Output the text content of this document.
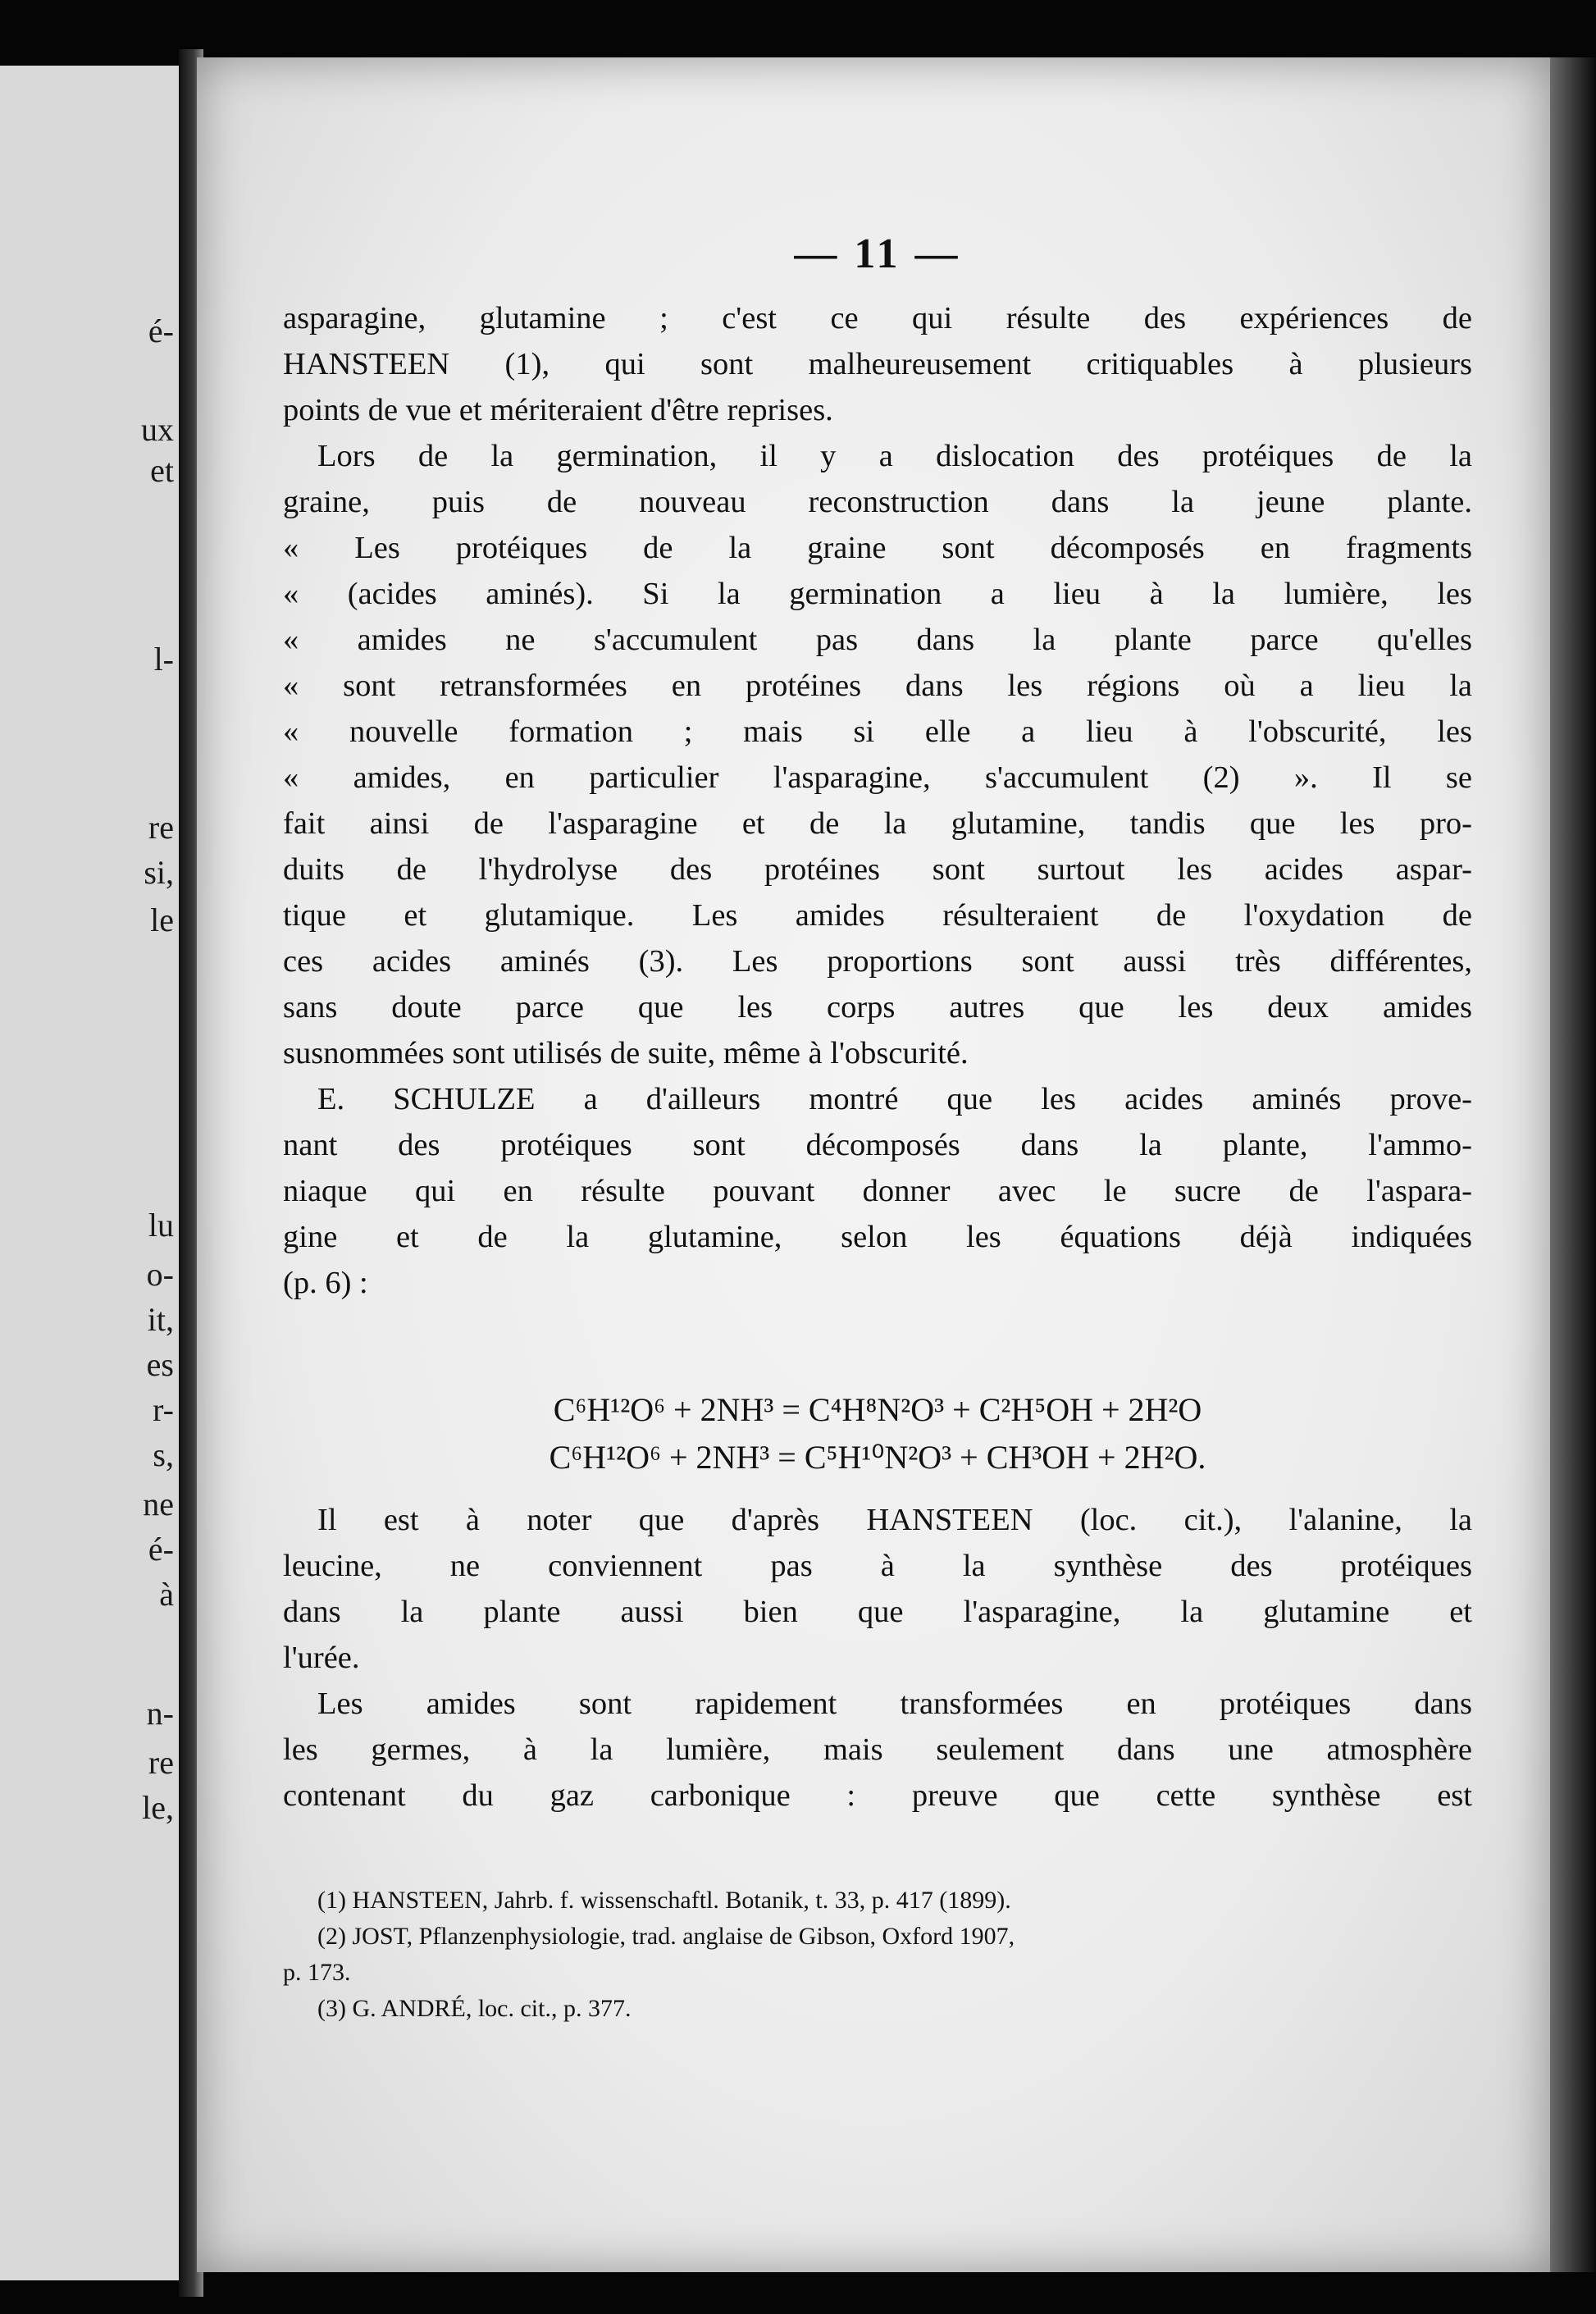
é-
ux
et
l-
re
si,
le
lu
o-
it,
es
r-
s,
ne
é-
à
n-
re
le,
— 11 —
asparagine, glutamine ; c'est ce qui résulte des expériences de
HANSTEEN (1), qui sont malheureusement critiquables à plusieurs
points de vue et mériteraient d'être reprises.
Lors de la germination, il y a dislocation des protéiques de la
graine, puis de nouveau reconstruction dans la jeune plante.
« Les protéiques de la graine sont décomposés en fragments
« (acides aminés). Si la germination a lieu à la lumière, les
« amides ne s'accumulent pas dans la plante parce qu'elles
« sont retransformées en protéines dans les régions où a lieu la
« nouvelle formation ; mais si elle a lieu à l'obscurité, les
« amides, en particulier l'asparagine, s'accumulent (2) ». Il se
fait ainsi de l'asparagine et de la glutamine, tandis que les pro-
duits de l'hydrolyse des protéines sont surtout les acides aspar-
tique et glutamique. Les amides résulteraient de l'oxydation de
ces acides aminés (3). Les proportions sont aussi très différentes,
sans doute parce que les corps autres que les deux amides
susnommées sont utilisés de suite, même à l'obscurité.
E. SCHULZE a d'ailleurs montré que les acides aminés prove-
nant des protéiques sont décomposés dans la plante, l'ammo-
niaque qui en résulte pouvant donner avec le sucre de l'aspara-
gine et de la glutamine, selon les équations déjà indiquées
(p. 6) :
C⁶H¹²O⁶ + 2NH³ = C⁴H⁸N²O³ + C²H⁵OH + 2H²O
C⁶H¹²O⁶ + 2NH³ = C⁵H¹⁰N²O³ + CH³OH + 2H²O.
Il est à noter que d'après HANSTEEN (loc. cit.), l'alanine, la
leucine, ne conviennent pas à la synthèse des protéiques
dans la plante aussi bien que l'asparagine, la glutamine et
l'urée.
Les amides sont rapidement transformées en protéiques dans
les germes, à la lumière, mais seulement dans une atmosphère
contenant du gaz carbonique : preuve que cette synthèse est
(1) HANSTEEN, Jahrb. f. wissenschaftl. Botanik, t. 33, p. 417 (1899).
(2) JOST, Pflanzenphysiologie, trad. anglaise de Gibson, Oxford 1907,
p. 173.
(3) G. ANDRÉ, loc. cit., p. 377.
